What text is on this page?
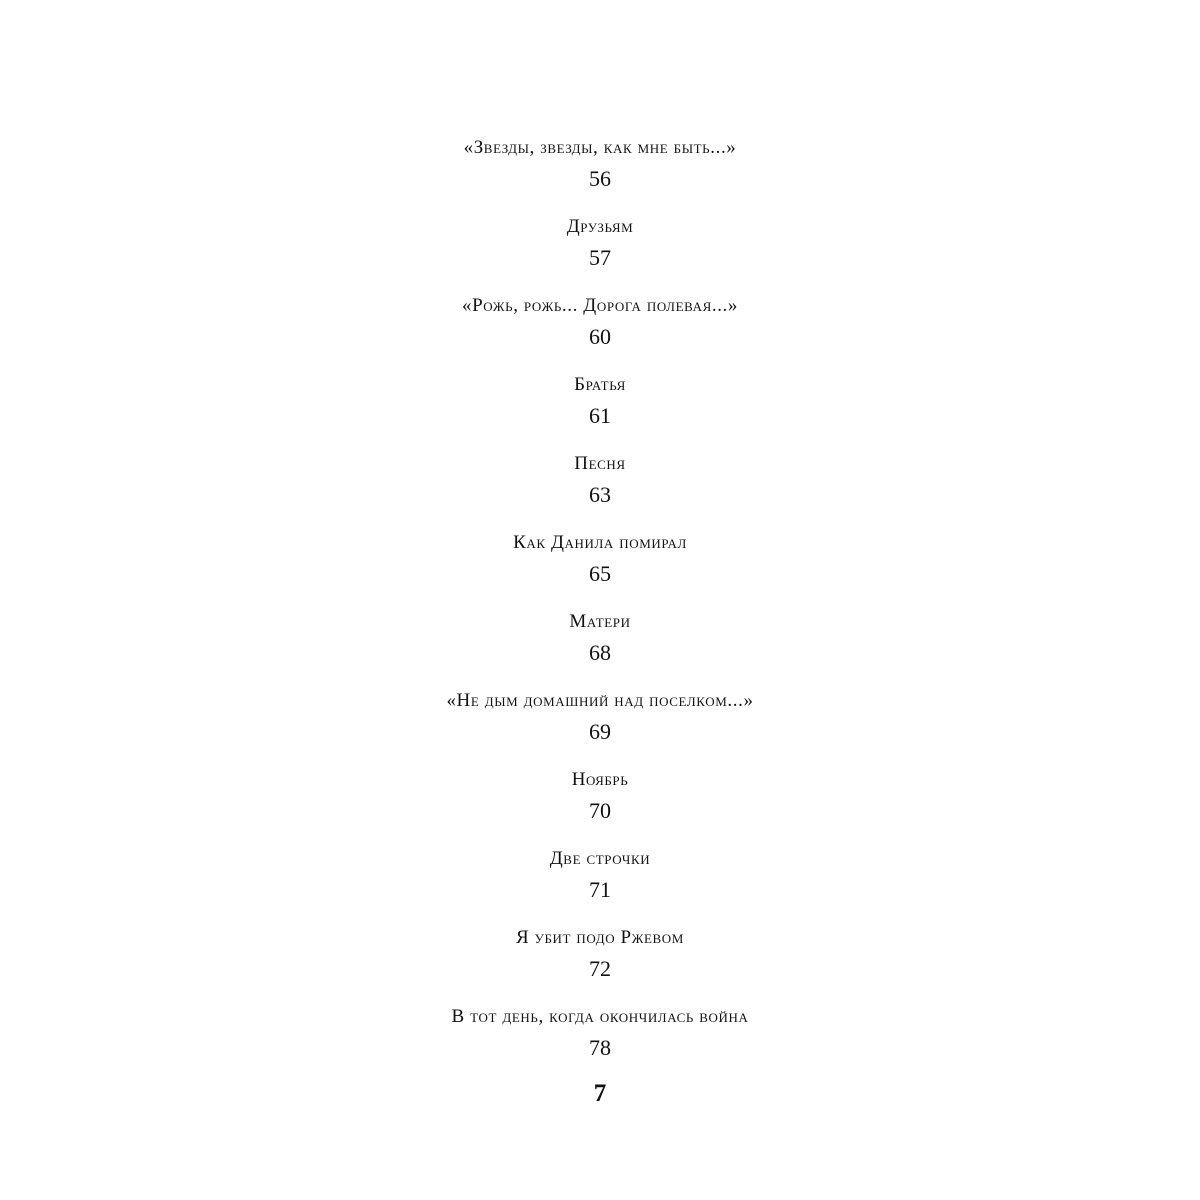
«Звезды, звезды, как мне быть...»
56
Друзьям
57
«Рожь, рожь... Дорога полевая...»
60
Братья
61
Песня
63
Как Данила помирал
65
Матери
68
«Не дым домашний над поселком...»
69
Ноябрь
70
Две строчки
71
Я убит подо Ржевом
72
В тот день, когда окончилась война
78
7
